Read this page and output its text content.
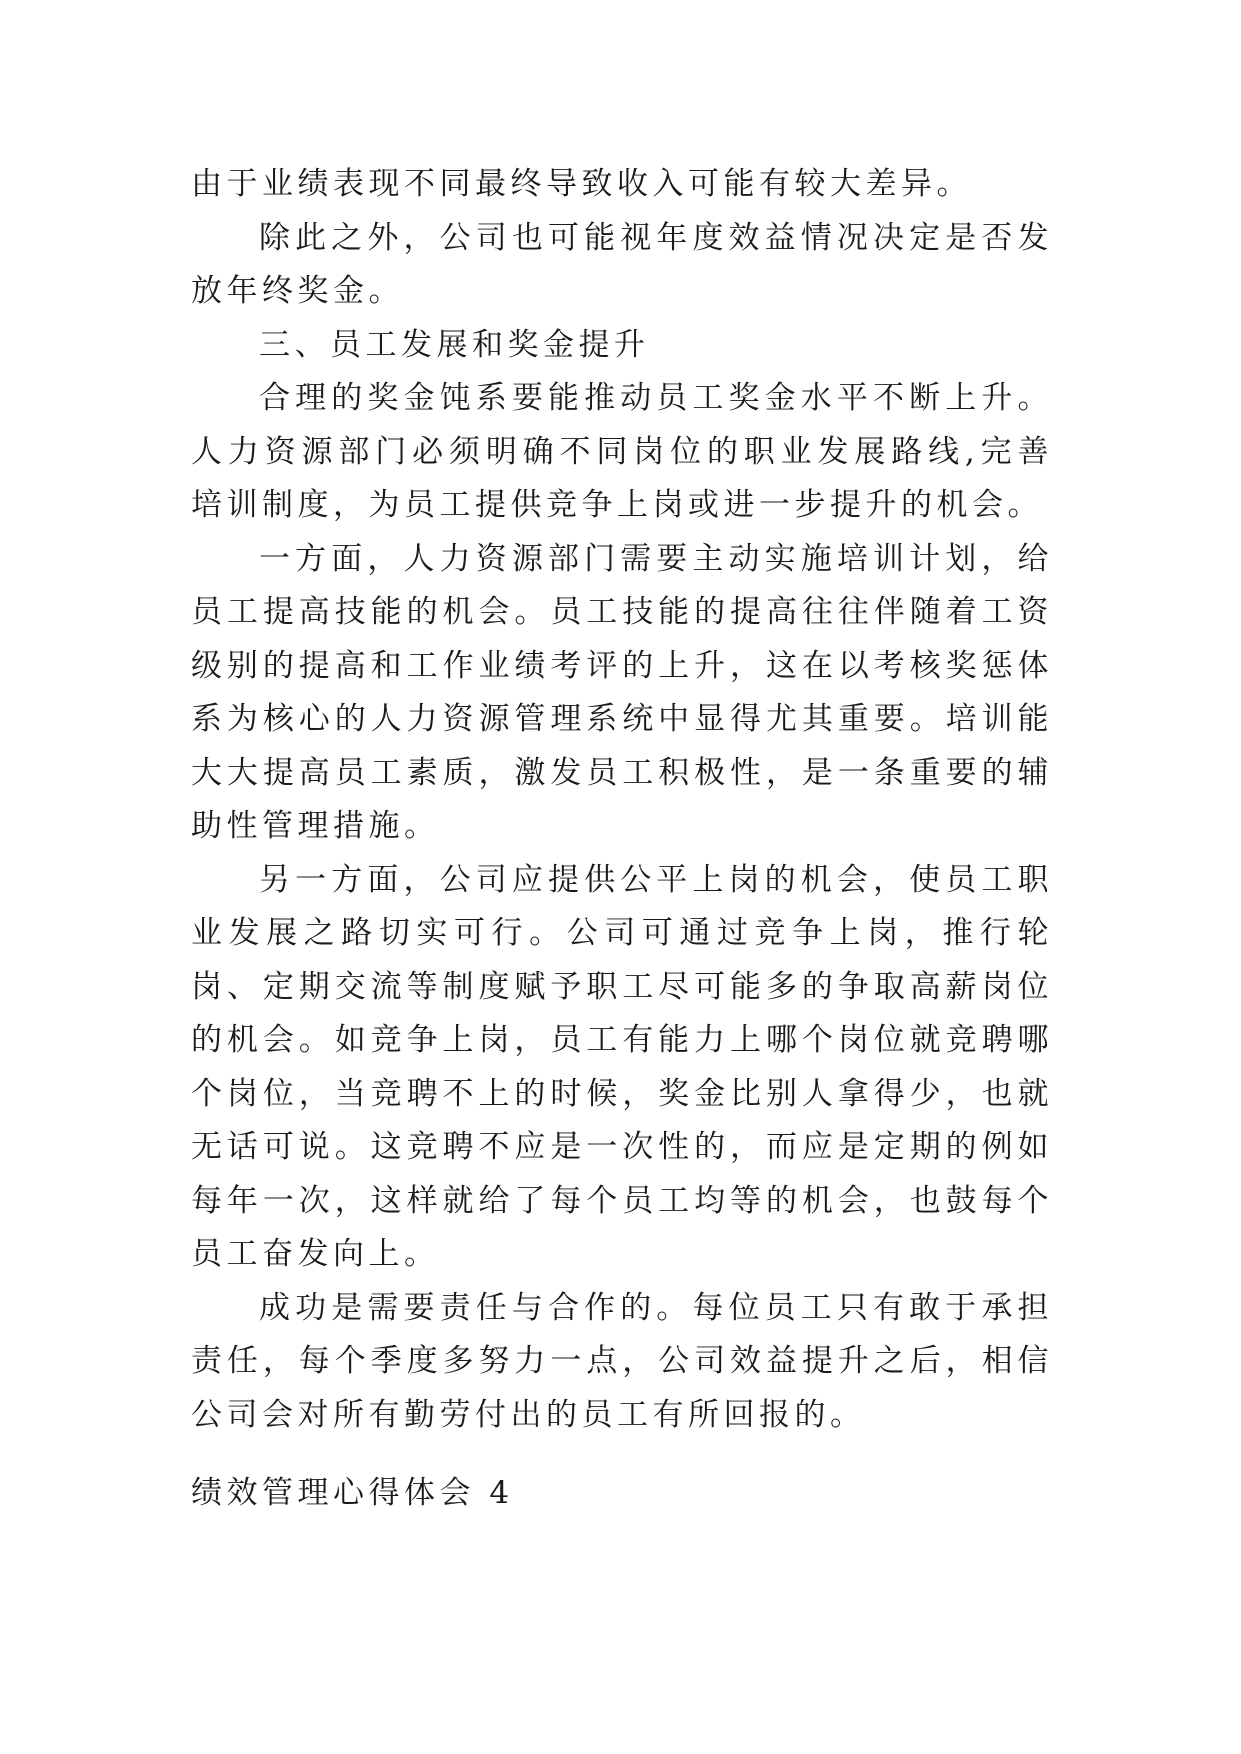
由于业绩表现不同最终导致收入可能有较大差异。

除此之外，公司也可能视年度效益情况决定是否发放年终奖金。

三、员工发展和奖金提升

合理的奖金饨系要能推动员工奖金水平不断上升。人力资源部门必须明确不同岗位的职业发展路线,完善培训制度，为员工提供竞争上岗或进一步提升的机会。

一方面，人力资源部门需要主动实施培训计划，给员工提高技能的机会。员工技能的提高往往伴随着工资级别的提高和工作业绩考评的上升，这在以考核奖惩体系为核心的人力资源管理系统中显得尤其重要。培训能大大提高员工素质，激发员工积极性，是一条重要的辅助性管理措施。

另一方面，公司应提供公平上岗的机会，使员工职业发展之路切实可行。公司可通过竞争上岗，推行轮岗、定期交流等制度赋予职工尽可能多的争取高薪岗位的机会。如竞争上岗，员工有能力上哪个岗位就竞聘哪个岗位，当竞聘不上的时候，奖金比别人拿得少，也就无话可说。这竞聘不应是一次性的，而应是定期的例如每年一次，这样就给了每个员工均等的机会，也鼓每个员工奋发向上。

成功是需要责任与合作的。每位员工只有敢于承担责任，每个季度多努力一点，公司效益提升之后，相信公司会对所有勤劳付出的员工有所回报的。

绩效管理心得体会 4
